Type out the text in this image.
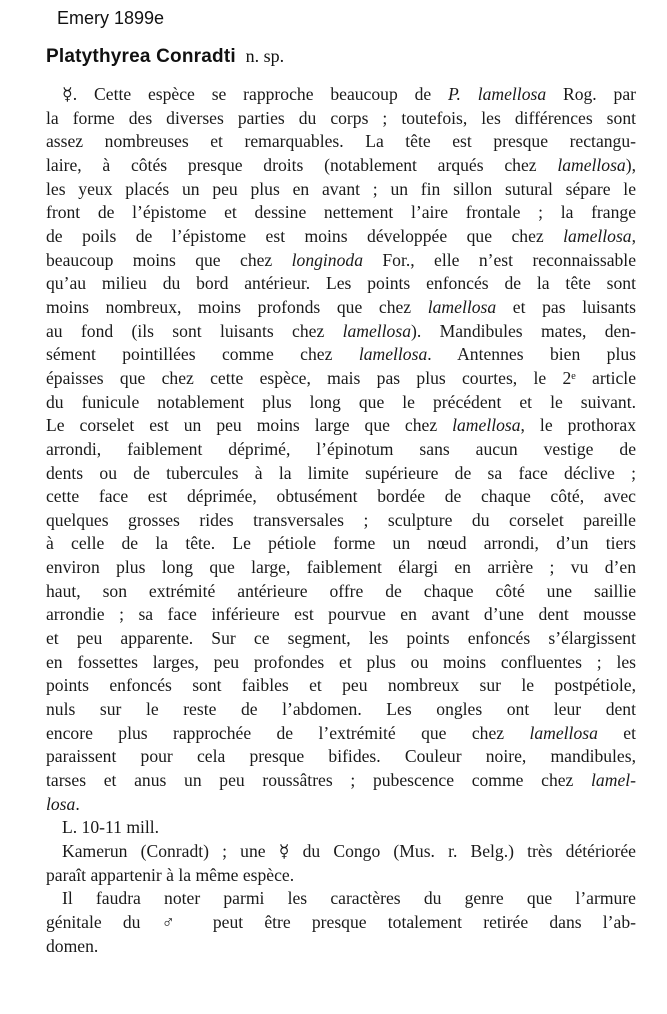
Emery 1899e
Platythyrea Conradti n. sp.
☿. Cette espèce se rapproche beaucoup de P. lamellosa Rog. par
la forme des diverses parties du corps ; toutefois, les différences sont
assez nombreuses et remarquables. La tête est presque rectangu-
laire, à côtés presque droits (notablement arqués chez lamellosa),
les yeux placés un peu plus en avant ; un fin sillon sutural sépare le
front de l’épistome et dessine nettement l’aire frontale ; la frange
de poils de l’épistome est moins développée que chez lamellosa,
beaucoup moins que chez longinoda For., elle n’est reconnaissable
qu’au milieu du bord antérieur. Les points enfoncés de la tête sont
moins nombreux, moins profonds que chez lamellosa et pas luisants
au fond (ils sont luisants chez lamellosa). Mandibules mates, den-
sément pointillées comme chez lamellosa. Antennes bien plus
épaisses que chez cette espèce, mais pas plus courtes, le 2ᵉ article
du funicule notablement plus long que le précédent et le suivant.
Le corselet est un peu moins large que chez lamellosa, le prothorax
arrondi, faiblement déprimé, l’épinotum sans aucun vestige de
dents ou de tubercules à la limite supérieure de sa face déclive ;
cette face est déprimée, obtusément bordée de chaque côté, avec
quelques grosses rides transversales ; sculpture du corselet pareille
à celle de la tête. Le pétiole forme un nœud arrondi, d’un tiers
environ plus long que large, faiblement élargi en arrière ; vu d’en
haut, son extrémité antérieure offre de chaque côté une saillie
arrondie ; sa face inférieure est pourvue en avant d’une dent mousse
et peu apparente. Sur ce segment, les points enfoncés s’élargissent
en fossettes larges, peu profondes et plus ou moins confluentes ; les
points enfoncés sont faibles et peu nombreux sur le postpétiole,
nuls sur le reste de l’abdomen. Les ongles ont leur dent
encore plus rapprochée de l’extrémité que chez lamellosa et
paraissent pour cela presque bifides. Couleur noire, mandibules,
tarses et anus un peu roussâtres ; pubescence comme chez lamel-
losa.
L. 10-11 mill.
Kamerun (Conradt) ; une ☿ du Congo (Mus. r. Belg.) très détériorée
paraît appartenir à la même espèce.
Il faudra noter parmi les caractères du genre que l’armure
génitale du ♂ peut être presque totalement retirée dans l’ab-
domen.
